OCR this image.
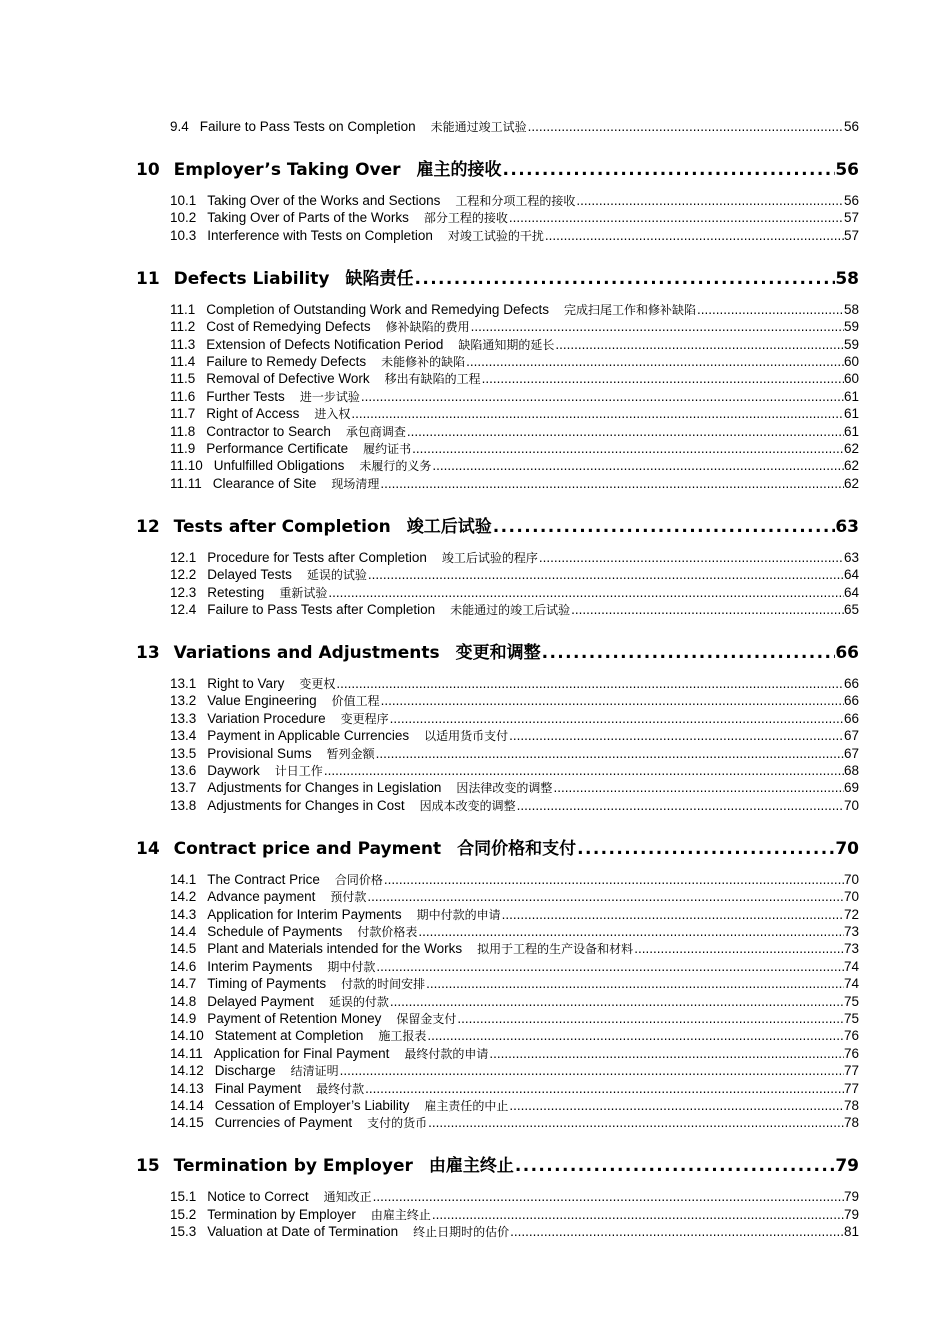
9.4 Failure to Pass Tests on Completion 未能通过竣工试验 .....	56
10 Employer’s Taking Over 雇主的接收 .....	56
10.1 Taking Over of the Works and Sections 工程和分项工程的接收 .....	56
10.2 Taking Over of Parts of the Works 部分工程的接收 .....	57
10.3 Interference with Tests on Completion 对竣工试验的干扰 .....	57
11 Defects Liability 缺陷责任 .....	58
11.1 Completion of Outstanding Work and Remedying Defects 完成扫尾工作和修补缺陷 .....	58
11.2 Cost of Remedying Defects 修补缺陷的费用 .....	59
11.3 Extension of Defects Notification Period 缺陷通知期的延长 .....	59
11.4 Failure to Remedy Defects 未能修补的缺陷 .....	60
11.5 Removal of Defective Work 移出有缺陷的工程 .....	60
11.6 Further Tests 进一步试验 .....	61
11.7 Right of Access 进入权 .....	61
11.8 Contractor to Search 承包商调查 .....	61
11.9 Performance Certificate 履约证书 .....	62
11.10 Unfulfilled Obligations 未履行的义务 .....	62
11.11 Clearance of Site 现场清理 .....	62
12 Tests after Completion 竣工后试验 .....	63
12.1 Procedure for Tests after Completion 竣工后试验的程序 .....	63
12.2 Delayed Tests 延误的试验 .....	64
12.3 Retesting 重新试验 .....	64
12.4 Failure to Pass Tests after Completion 未能通过的竣工后试验 .....	65
13 Variations and Adjustments 变更和调整 .....	66
13.1 Right to Vary 变更权 .....	66
13.2 Value Engineering 价值工程 .....	66
13.3 Variation Procedure 变更程序 .....	66
13.4 Payment in Applicable Currencies 以适用货币支付 .....	67
13.5 Provisional Sums 暂列金额 .....	67
13.6 Daywork 计日工作 .....	68
13.7 Adjustments for Changes in Legislation 因法律改变的调整 .....	69
13.8 Adjustments for Changes in Cost 因成本改变的调整 .....	70
14 Contract price and Payment 合同价格和支付 .....	70
14.1 The Contract Price 合同价格 .....	70
14.2 Advance payment 预付款 .....	70
14.3 Application for Interim Payments 期中付款的申请 .....	72
14.4 Schedule of Payments 付款价格表 .....	73
14.5 Plant and Materials intended for the Works 拟用于工程的生产设备和材料 .....	73
14.6 Interim Payments 期中付款 .....	74
14.7 Timing of Payments 付款的时间安排 .....	74
14.8 Delayed Payment 延误的付款 .....	75
14.9 Payment of Retention Money 保留金支付 .....	75
14.10 Statement at Completion 施工报表 .....	76
14.11 Application for Final Payment 最终付款的申请 .....	76
14.12 Discharge 结清证明 .....	77
14.13 Final Payment 最终付款 .....	77
14.14 Cessation of Employer’s Liability 雇主责任的中止 .....	78
14.15 Currencies of Payment 支付的货币 .....	78
15 Termination by Employer 由雇主终止 .....	79
15.1 Notice to Correct 通知改正 .....	79
15.2 Termination by Employer 由雇主终止 .....	79
15.3 Valuation at Date of Termination 终止日期时的估价 .....	81
